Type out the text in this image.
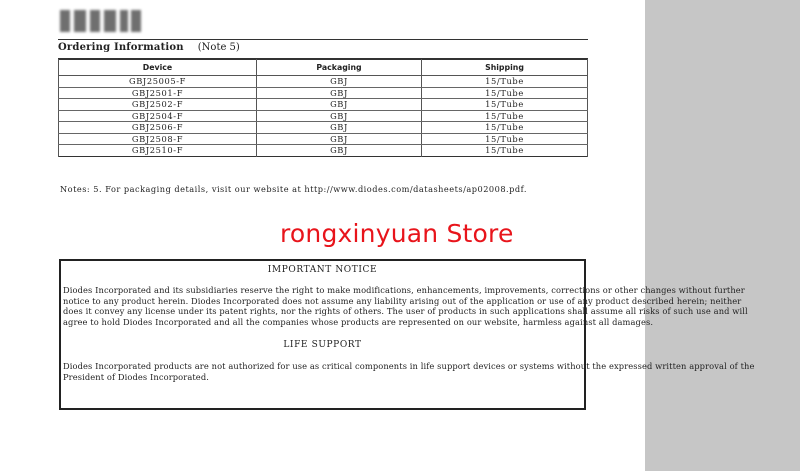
Ordering Information (Note 5)
Device	Packaging	Shipping
GBJ25005-F	GBJ	15/Tube
GBJ2501-F	GBJ	15/Tube
GBJ2502-F	GBJ	15/Tube
GBJ2504-F	GBJ	15/Tube
GBJ2506-F	GBJ	15/Tube
GBJ2508-F	GBJ	15/Tube
GBJ2510-F	GBJ	15/Tube
Notes: 5. For packaging details, visit our website at http://www.diodes.com/datasheets/ap02008.pdf.
rongxinyuan Store
IMPORTANT NOTICE
Diodes Incorporated and its subsidiaries reserve the right to make modifications, enhancements, improvements, corrections or other changes without further
notice to any product herein. Diodes Incorporated does not assume any liability arising out of the application or use of any product described herein; neither
does it convey any license under its patent rights, nor the rights of others. The user of products in such applications shall assume all risks of such use and will
agree to hold Diodes Incorporated and all the companies whose products are represented on our website, harmless against all damages.
LIFE SUPPORT
Diodes Incorporated products are not authorized for use as critical components in life support devices or systems without the expressed written approval of the
President of Diodes Incorporated.
